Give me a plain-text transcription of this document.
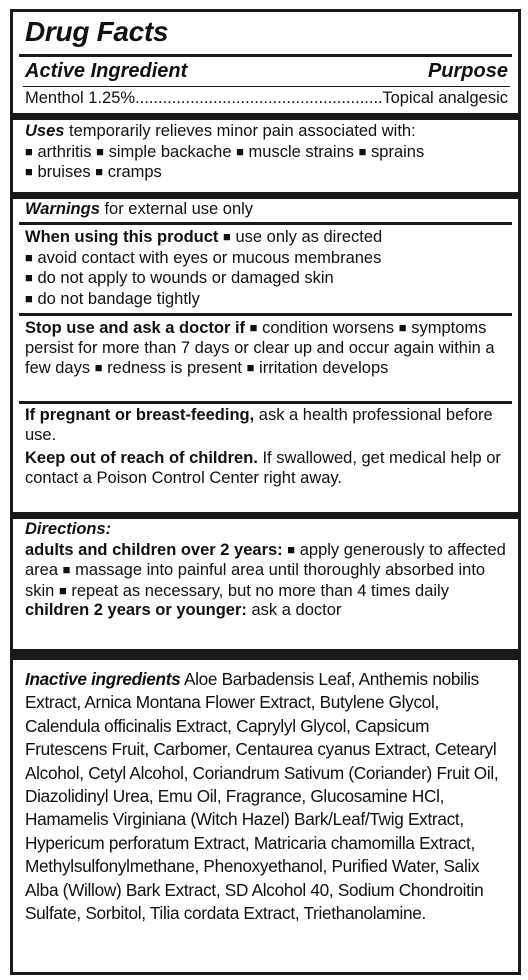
Drug Facts
Active Ingredient	Purpose
Menthol 1.25%
.....	Topical analgesic
Uses temporarily relieves minor pain associated with:
■ arthritis ■ simple backache ■ muscle strains ■ sprains
■ bruises ■ cramps
Warnings for external use only
When using this product ■ use only as directed
■ avoid contact with eyes or mucous membranes
■ do not apply to wounds or damaged skin
■ do not bandage tightly
Stop use and ask a doctor if ■ condition worsens ■ symptoms persist for more than 7 days or clear up and occur again within a few days ■ redness is present ■ irritation develops
If pregnant or breast-feeding, ask a health professional before use.
Keep out of reach of children. If swallowed, get medical help or contact a Poison Control Center right away.
Directions:
adults and children over 2 years: ■ apply generously to affected area ■ massage into painful area until thoroughly absorbed into skin ■ repeat as necessary, but no more than 4 times daily
children 2 years or younger: ask a doctor
Inactive ingredients Aloe Barbadensis Leaf, Anthemis nobilis Extract, Arnica Montana Flower Extract, Butylene Glycol, Calendula officinalis Extract, Caprylyl Glycol, Capsicum Frutescens Fruit, Carbomer, Centaurea cyanus Extract, Cetearyl Alcohol, Cetyl Alcohol, Coriandrum Sativum (Coriander) Fruit Oil, Diazolidinyl Urea, Emu Oil, Fragrance, Glucosamine HCl, Hamamelis Virginiana (Witch Hazel) Bark/Leaf/Twig Extract, Hypericum perforatum Extract, Matricaria chamomilla Extract, Methylsulfonylmethane, Phenoxyethanol, Purified Water, Salix Alba (Willow) Bark Extract, SD Alcohol 40, Sodium Chondroitin Sulfate, Sorbitol, Tilia cordata Extract, Triethanolamine.
